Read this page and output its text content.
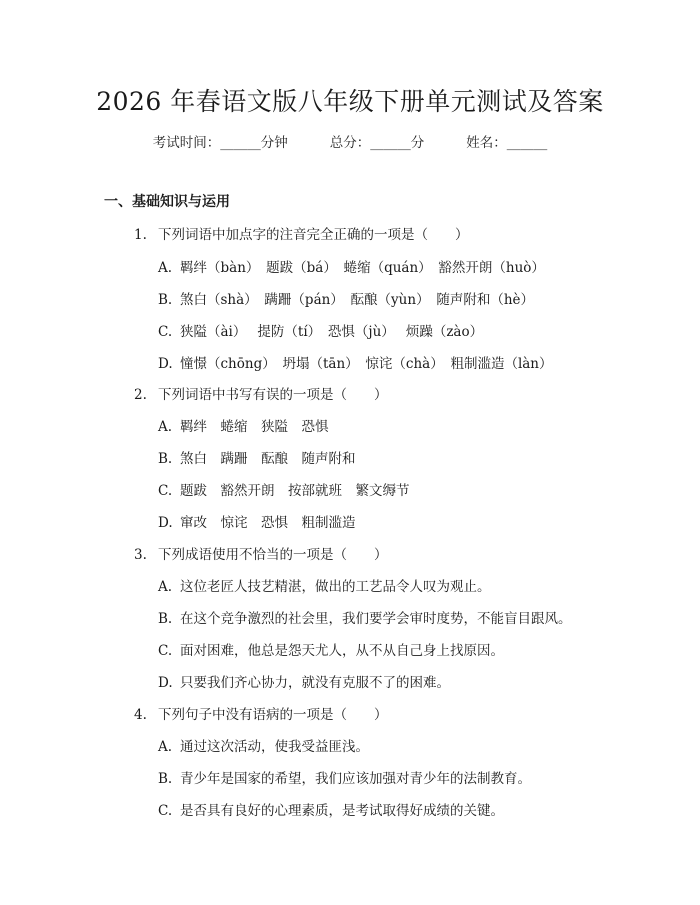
2026 年春语文版八年级下册单元测试及答案
考试时间：______分钟	总分：______分	姓名：______
一、基础知识与运用
1. 下列词语中加点字的注音完全正确的一项是（　　）
A. 羁绊（bàn）　题跋（bá）　蜷缩（quán）　豁然开朗（huò）
B. 煞白（shà）　蹒跚（pán）　酝酿（yùn）　随声附和（hè）
C. 狭隘（ài）　 提防（tí）　恐惧（jù）　 烦躁（zào）
D. 憧憬（chōng）　坍塌（tān）　惊诧（chà）　粗制滥造（làn）
2. 下列词语中书写有误的一项是（　　）
A. 羁绊　蜷缩　狭隘　恐惧
B. 煞白　蹒跚　酝酿　随声附和
C. 题跋　豁然开朗　按部就班　繁文缛节
D. 窜改　惊诧　恐惧　粗制滥造
3. 下列成语使用不恰当的一项是（　　）
A. 这位老匠人技艺精湛，做出的工艺品令人叹为观止。
B. 在这个竞争激烈的社会里，我们要学会审时度势，不能盲目跟风。
C. 面对困难，他总是怨天尤人，从不从自己身上找原因。
D. 只要我们齐心协力，就没有克服不了的困难。
4. 下列句子中没有语病的一项是（　　）
A. 通过这次活动，使我受益匪浅。
B. 青少年是国家的希望，我们应该加强对青少年的法制教育。
C. 是否具有良好的心理素质，是考试取得好成绩的关键。
